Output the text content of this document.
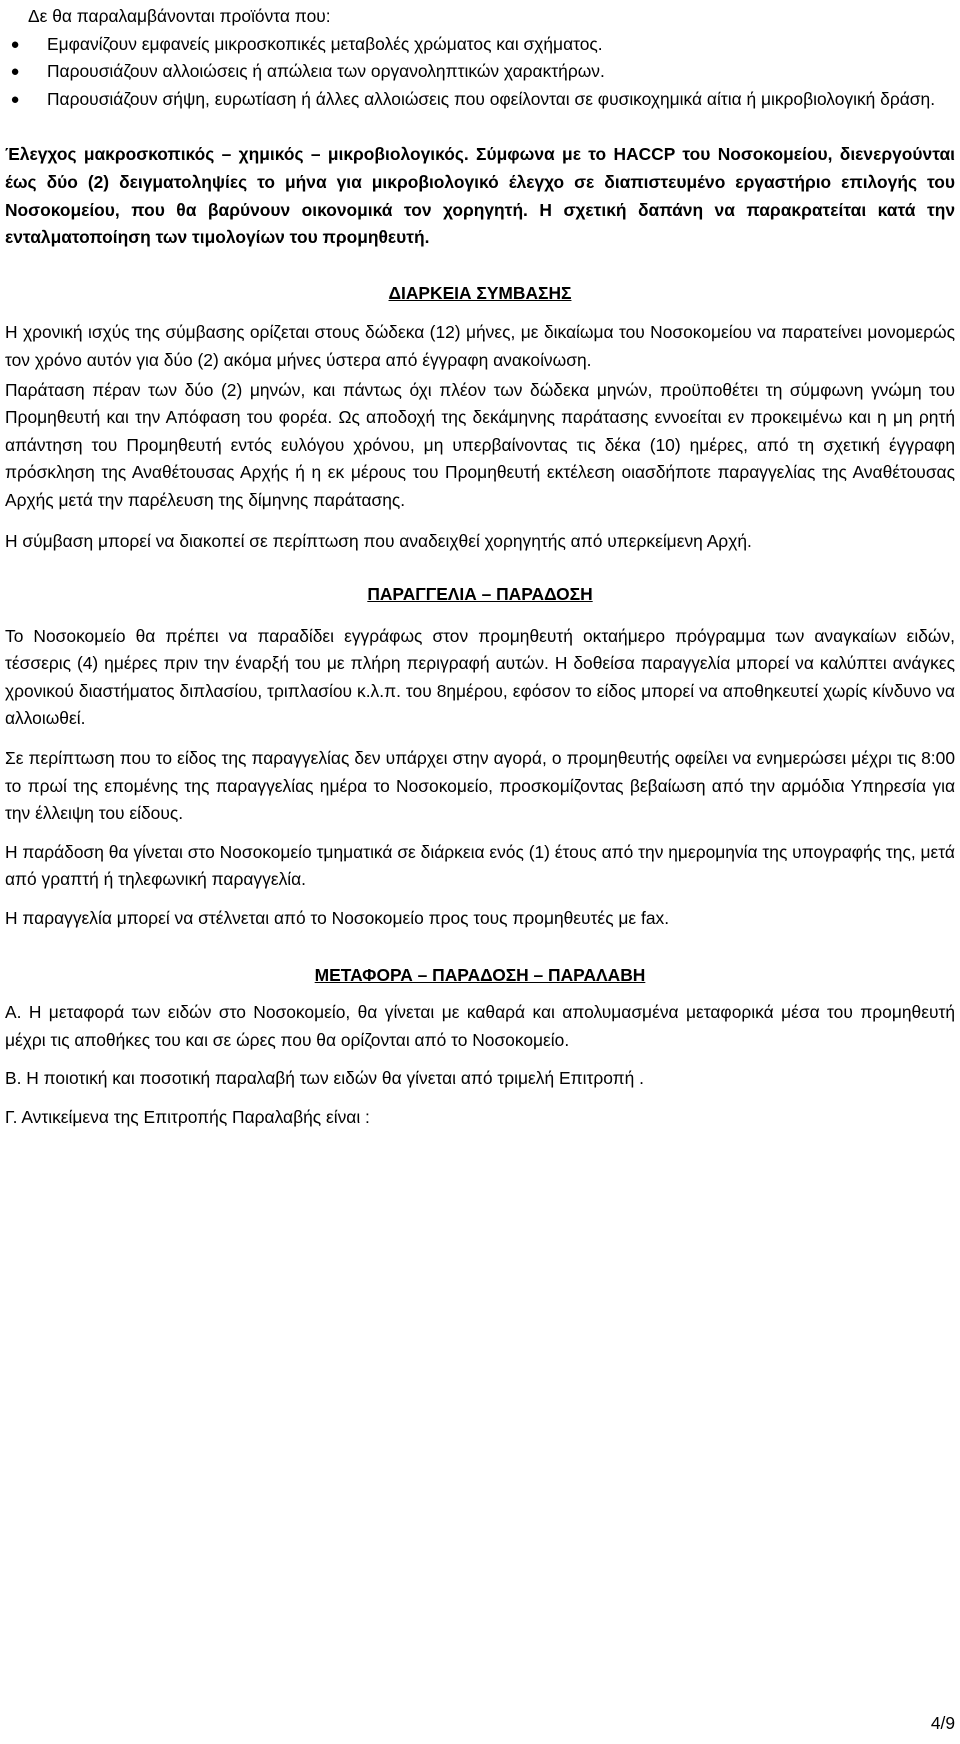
Δε θα παραλαμβάνονται προϊόντα που:

● Εμφανίζουν εμφανείς μικροσκοπικές μεταβολές χρώματος και σχήματος.
● Παρουσιάζουν αλλοιώσεις ή απώλεια των οργανοληπτικών χαρακτήρων.
● Παρουσιάζουν σήψη, ευρωτίαση ή άλλες αλλοιώσεις που οφείλονται σε φυσικοχημικά αίτια ή μικροβιολογική δράση.

Έλεγχος μακροσκοπικός – χημικός – μικροβιολογικός. Σύμφωνα με το HACCP του Νοσοκομείου, διενεργούνται έως δύο (2) δειγματοληψίες το μήνα για μικροβιολογικό έλεγχο σε διαπιστευμένο εργαστήριο επιλογής του Νοσοκομείου, που θα βαρύνουν οικονομικά τον χορηγητή. Η σχετική δαπάνη να παρακρατείται κατά την ενταλματοποίηση των τιμολογίων του προμηθευτή.

ΔΙΑΡΚΕΙΑ ΣΥΜΒΑΣΗΣ

Η χρονική ισχύς της σύμβασης ορίζεται στους δώδεκα (12) μήνες, με δικαίωμα του Νοσοκομείου να παρατείνει μονομερώς τον χρόνο αυτόν για δύο (2) ακόμα μήνες ύστερα από έγγραφη ανακοίνωση.

Παράταση πέραν των δύο (2) μηνών, και πάντως όχι πλέον των δώδεκα μηνών, προϋποθέτει τη σύμφωνη γνώμη του Προμηθευτή και την Απόφαση του φορέα. Ως αποδοχή της δεκάμηνης παράτασης εννοείται εν προκειμένω και η μη ρητή απάντηση του Προμηθευτή εντός ευλόγου χρόνου, μη υπερβαίνοντας τις δέκα (10) ημέρες, από τη σχετική έγγραφη πρόσκληση της Αναθέτουσας Αρχής ή η εκ μέρους του Προμηθευτή εκτέλεση οιασδήποτε παραγγελίας της Αναθέτουσας Αρχής μετά την παρέλευση της δίμηνης παράτασης.

Η σύμβαση μπορεί να διακοπεί σε περίπτωση που αναδειχθεί χορηγητής από υπερκείμενη Αρχή.

ΠΑΡΑΓΓΕΛΙΑ – ΠΑΡΑΔΟΣΗ

Το Νοσοκομείο θα πρέπει να παραδίδει εγγράφως στον προμηθευτή οκταήμερο πρόγραμμα των αναγκαίων ειδών, τέσσερις (4) ημέρες πριν την έναρξή του με πλήρη περιγραφή αυτών. Η δοθείσα παραγγελία μπορεί να καλύπτει ανάγκες χρονικού διαστήματος διπλασίου, τριπλασίου κ.λ.π. του 8ημέρου, εφόσον το είδος μπορεί να αποθηκευτεί χωρίς κίνδυνο να αλλοιωθεί.

Σε περίπτωση που το είδος της παραγγελίας δεν υπάρχει στην αγορά, ο προμηθευτής οφείλει να ενημερώσει μέχρι τις 8:00 το πρωί της επομένης της παραγγελίας ημέρα το Νοσοκομείο, προσκομίζοντας βεβαίωση από την αρμόδια Υπηρεσία για την έλλειψη του είδους.

Η παράδοση θα γίνεται στο Νοσοκομείο τμηματικά σε διάρκεια ενός (1) έτους από την ημερομηνία της υπογραφής της, μετά από γραπτή ή τηλεφωνική παραγγελία.

Η παραγγελία μπορεί να στέλνεται από το Νοσοκομείο προς τους προμηθευτές με fax.

ΜΕΤΑΦΟΡΑ – ΠΑΡΑΔΟΣΗ – ΠΑΡΑΛΑΒΗ

Α. Η μεταφορά των ειδών στο Νοσοκομείο, θα γίνεται με καθαρά και απολυμασμένα μεταφορικά μέσα του προμηθευτή μέχρι τις αποθήκες του και σε ώρες που θα ορίζονται από το Νοσοκομείο.

Β. Η ποιοτική και ποσοτική παραλαβή των ειδών θα γίνεται από τριμελή Επιτροπή .

Γ. Αντικείμενα της Επιτροπής Παραλαβής είναι :

4/9
